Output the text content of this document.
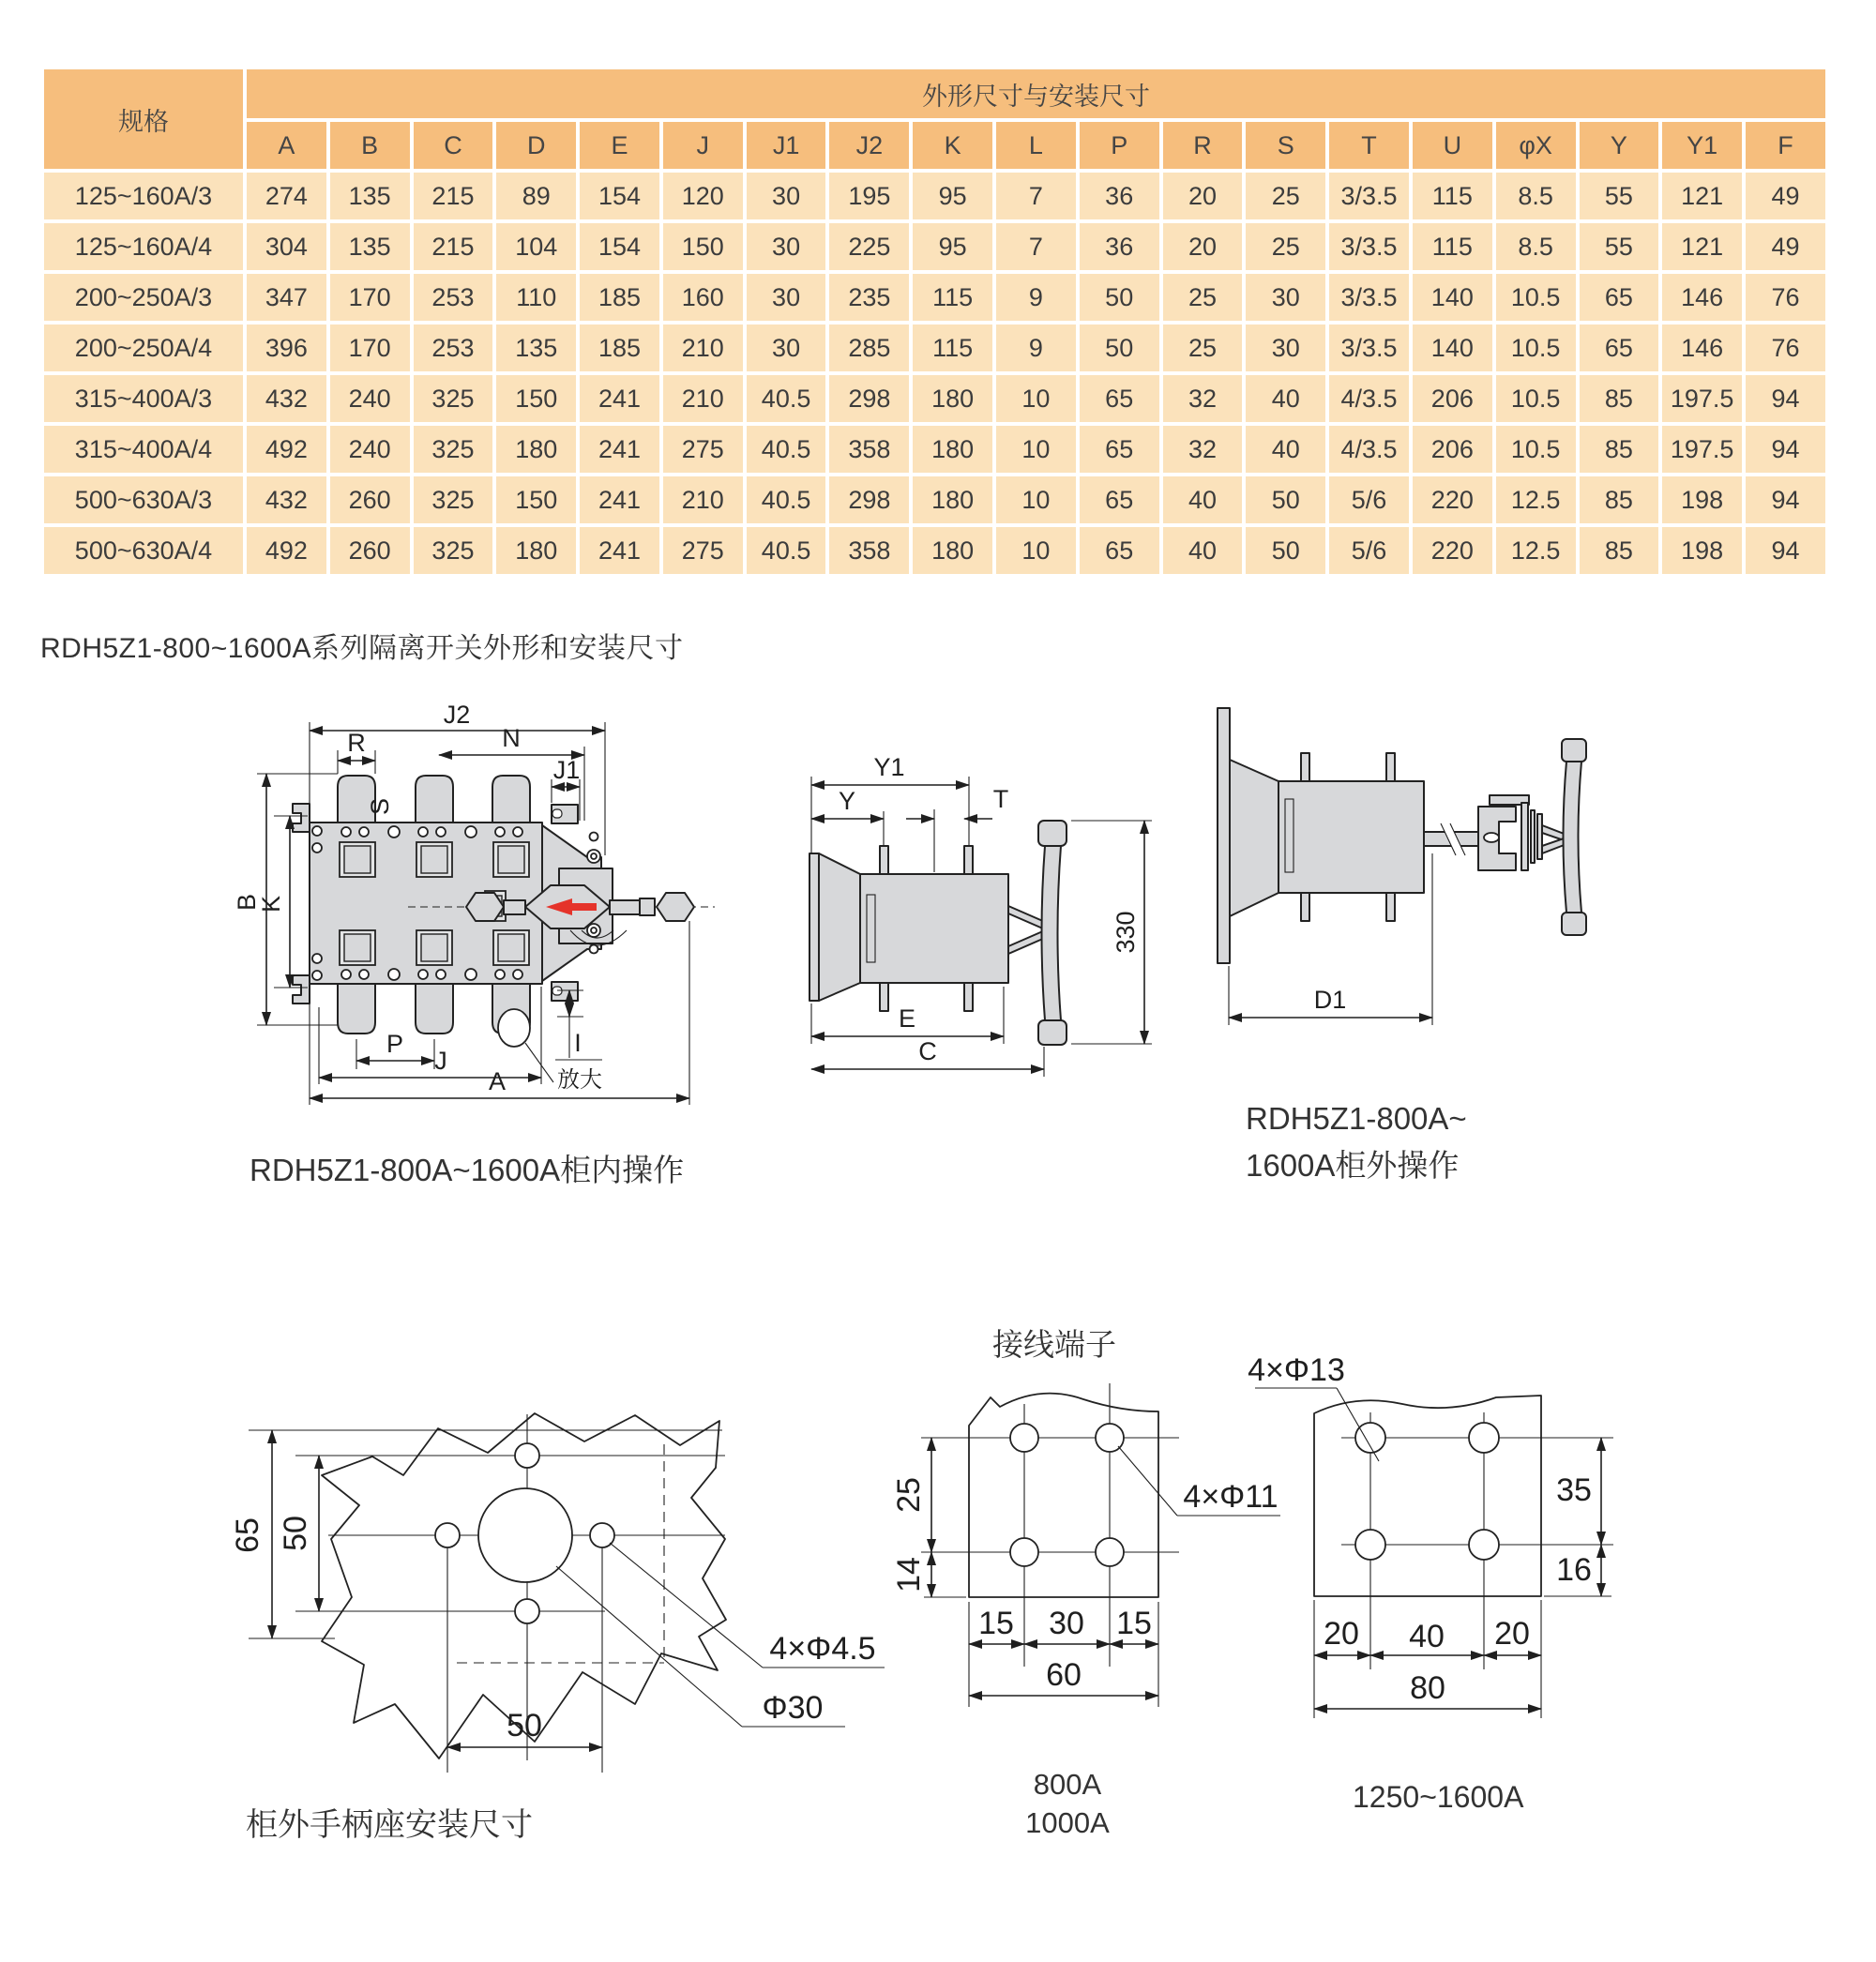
规格	外形尺寸与安装尺寸																		
	A	B	C	D	E	J	J1	J2	K	L	P	R	S	T	U	φX	Y	Y1	F
125~160A/3	274	135	215	89	154	120	30	195	95	7	36	20	25	3/3.5	115	8.5	55	121	49
125~160A/4	304	135	215	104	154	150	30	225	95	7	36	20	25	3/3.5	115	8.5	55	121	49
200~250A/3	347	170	253	110	185	160	30	235	115	9	50	25	30	3/3.5	140	10.5	65	146	76
200~250A/4	396	170	253	135	185	210	30	285	115	9	50	25	30	3/3.5	140	10.5	65	146	76
315~400A/3	432	240	325	150	241	210	40.5	298	180	10	65	32	40	4/3.5	206	10.5	85	197.5	94
315~400A/4	492	240	325	180	241	275	40.5	358	180	10	65	32	40	4/3.5	206	10.5	85	197.5	94
500~630A/3	432	260	325	150	241	210	40.5	298	180	10	65	40	50	5/6	220	12.5	85	198	94
500~630A/4	492	260	325	180	241	275	40.5	358	180	10	65	40	50	5/6	220	12.5	85	198	94
RDH5Z1-800~1600A系列隔离开关外形和安装尺寸
J2
R	N
J1
S
B
K
P
J
A
I
放大
RDH5Z1-800A~1600A柜内操作
Y1
Y	T
330
E
C
D1
RDH5Z1-800A~
1600A柜外操作
65 50
50
4×Φ4.5
Φ30
柜外手柄座安装尺寸
接线端子
25
14
15 30 15
60
4×Φ11
800A
1000A
4×Φ13
35
16
20 40 20
80
1250~1600A
